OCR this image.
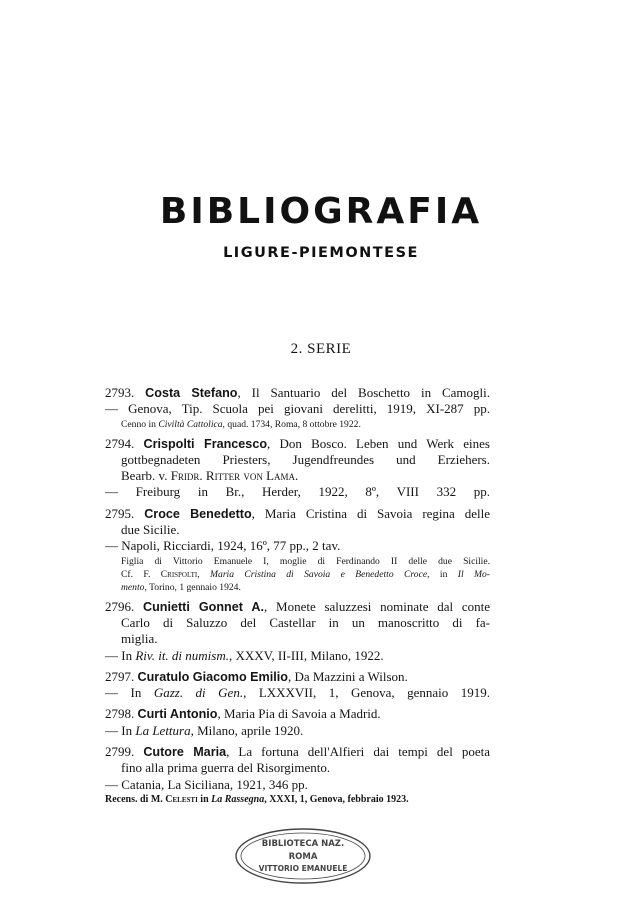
BIBLIOGRAFIA
LIGURE-PIEMONTESE
2. SERIE
2793. Costa Stefano, Il Santuario del Boschetto in Camogli.
— Genova, Tip. Scuola pei giovani derelitti, 1919, XI-287 pp.
Cenno in Civiltà Cattolica, quad. 1734, Roma, 8 ottobre 1922.
2794. Crispolti Francesco, Don Bosco. Leben und Werk eines
gottbegnadeten Priesters, Jugendfreundes und Erziehers.
Bearb. v. Fridr. Ritter von Lama.
— Freiburg in Br., Herder, 1922, 8º, VIII 332 pp.
2795. Croce Benedetto, Maria Cristina di Savoia regina delle
due Sicilie.
— Napoli, Ricciardi, 1924, 16º, 77 pp., 2 tav.
Figlia di Vittorio Emanuele I, moglie di Ferdinando II delle due Sicilie.
Cf. F. Crispolti, Maria Cristina di Savoia e Benedetto Croce, in Il Mo-
mento, Torino, 1 gennaio 1924.
2796. Cunietti Gonnet A., Monete saluzzesi nominate dal conte
Carlo di Saluzzo del Castellar in un manoscritto di fa-
miglia.
— In Riv. it. di numism., XXXV, II-III, Milano, 1922.
2797. Curatulo Giacomo Emilio, Da Mazzini a Wilson.
— In Gazz. di Gen., LXXXVII, 1, Genova, gennaio 1919.
2798. Curti Antonio, Maria Pia di Savoia a Madrid.
— In La Lettura, Milano, aprile 1920.
2799. Cutore Maria, La fortuna dell'Alfieri dai tempi del poeta
fino alla prima guerra del Risorgimento.
— Catania, La Siciliana, 1921, 346 pp.
Recens. di M. Celesti in La Rassegna, XXXI, 1, Genova, febbraio 1923.
BIBLIOTECA NAZ.
ROMA
VITTORIO EMANUELE
